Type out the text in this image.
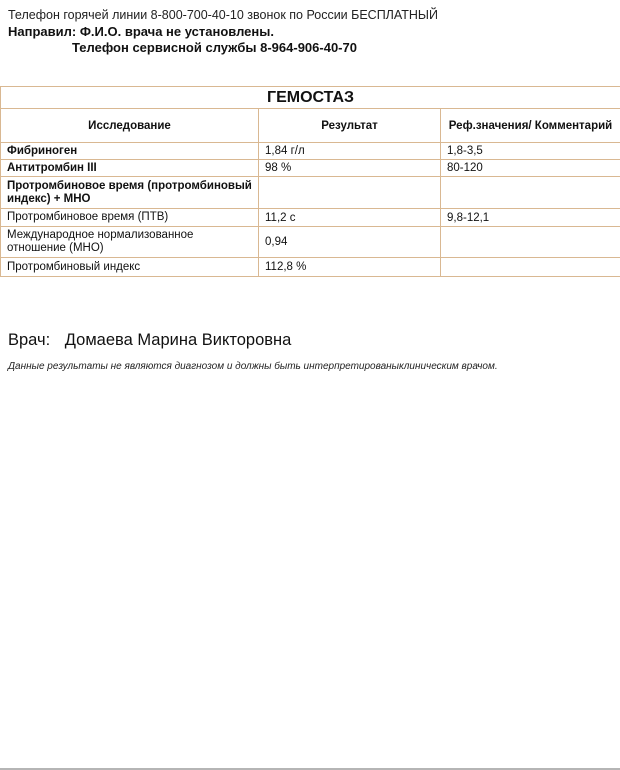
Телефон горячей линии 8-800-700-40-10 звонок по России БЕСПЛАТНЫЙ
Направил: Ф.И.О. врача не установлены.
Телефон сервисной службы 8-964-906-40-70
ГЕМОСТАЗ		
Исследование	Результат	Реф.значения/ Комментарий
Фибриноген	1,84 г/л	1,8-3,5
Антитромбин III	98 %	80-120
Протромбиновое время (протромбиновый индекс) + МНО		
Протромбиновое время (ПТВ)	11,2 с	9,8-12,1
Международное нормализованное отношение (МНО)	0,94	
Протромбиновый индекс	112,8 %	
Врач: Домаева Марина Викторовна
Данные результаты не являются диагнозом и должны быть интерпретированыклиническим врачом.
